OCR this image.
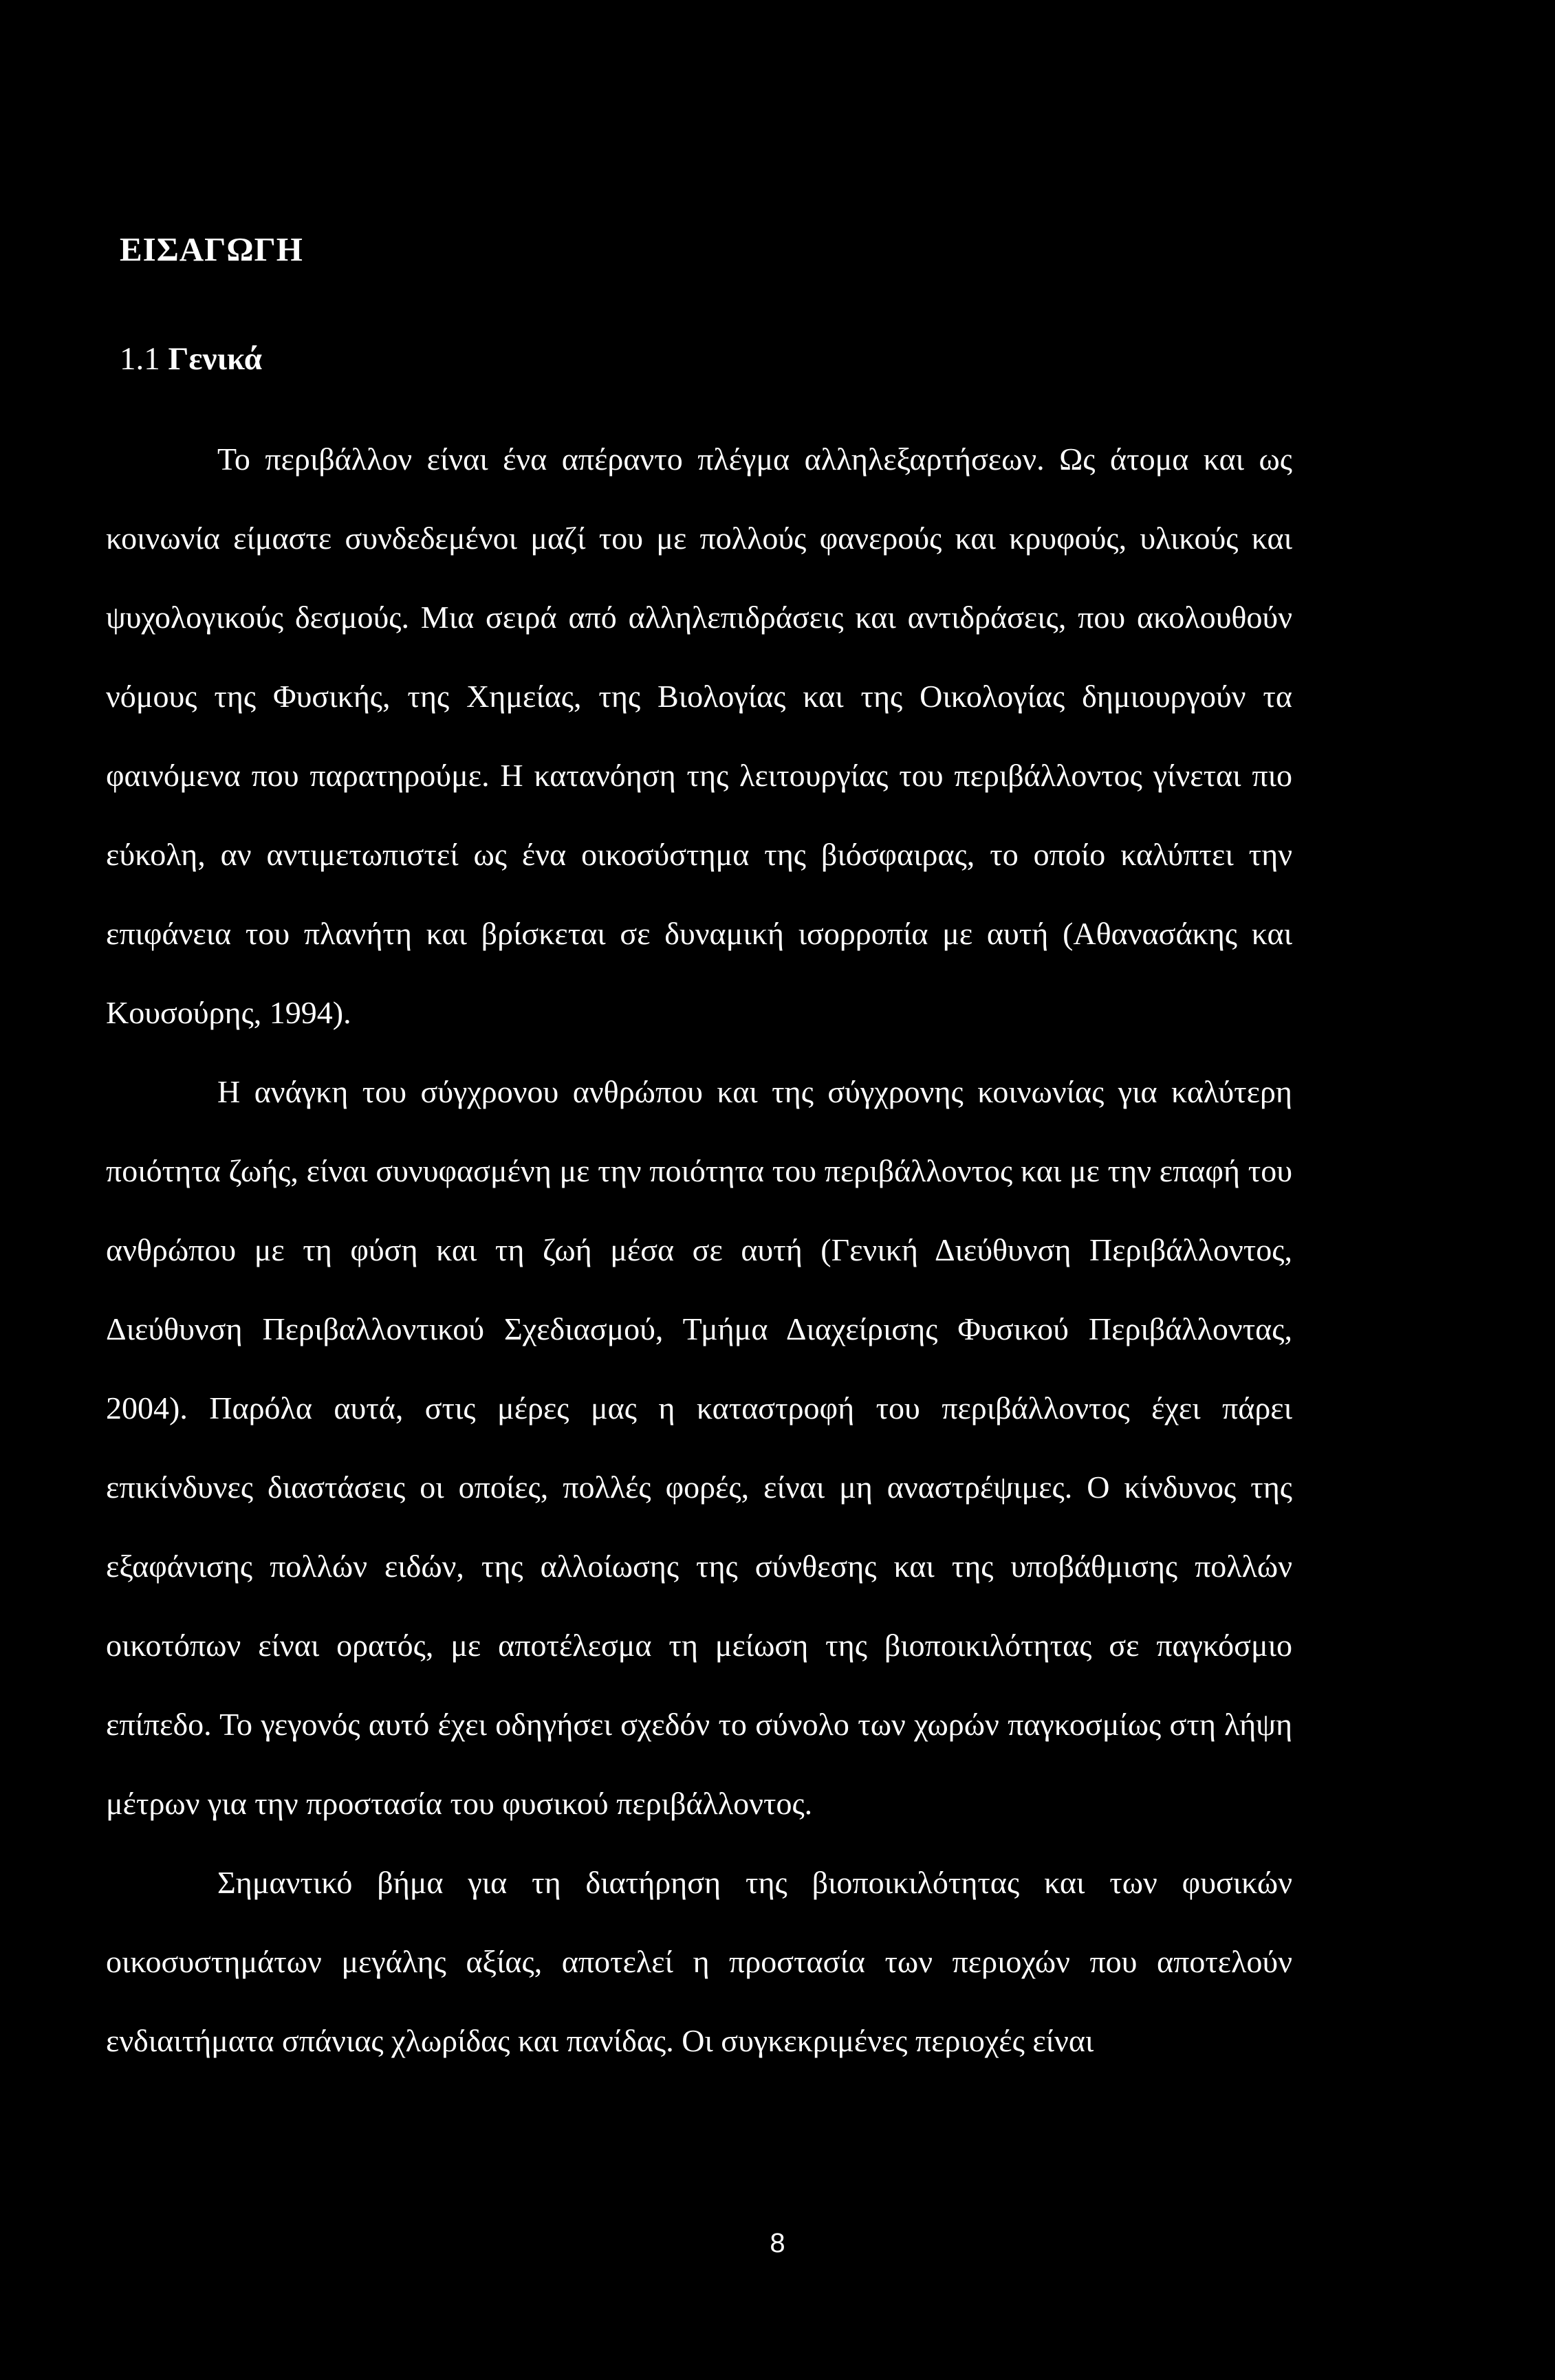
ΕΙΣΑΓΩΓΗ
1.1 Γενικά

Το περιβάλλον είναι ένα απέραντο πλέγμα αλληλεξαρτήσεων. Ως άτομα και ως κοινωνία είμαστε συνδεδεμένοι μαζί του με πολλούς φανερούς και κρυφούς, υλικούς και ψυχολογικούς δεσμούς. Μια σειρά από αλληλεπιδράσεις και αντιδράσεις, που ακολουθούν νόμους της Φυσικής, της Χημείας, της Βιολογίας και της Οικολογίας δημιουργούν τα φαινόμενα που παρατηρούμε. Η κατανόηση της λειτουργίας του περιβάλλοντος γίνεται πιο εύκολη, αν αντιμετωπιστεί ως ένα οικοσύστημα της βιόσφαιρας, το οποίο καλύπτει την επιφάνεια του πλανήτη και βρίσκεται σε δυναμική ισορροπία με αυτή (Αθανασάκης και Κουσούρης, 1994).

Η ανάγκη του σύγχρονου ανθρώπου και της σύγχρονης κοινωνίας για καλύτερη ποιότητα ζωής, είναι συνυφασμένη με την ποιότητα του περιβάλλοντος και με την επαφή του ανθρώπου με τη φύση και τη ζωή μέσα σε αυτή (Γενική Διεύθυνση Περιβάλλοντος, Διεύθυνση Περιβαλλοντικού Σχεδιασμού, Τμήμα Διαχείρισης Φυσικού Περιβάλλοντας, 2004). Παρόλα αυτά, στις μέρες μας η καταστροφή του περιβάλλοντος έχει πάρει επικίνδυνες διαστάσεις οι οποίες, πολλές φορές, είναι μη αναστρέψιμες. Ο κίνδυνος της εξαφάνισης πολλών ειδών, της αλλοίωσης της σύνθεσης και της υποβάθμισης πολλών οικοτόπων είναι ορατός, με αποτέλεσμα τη μείωση της βιοποικιλότητας σε παγκόσμιο επίπεδο. Το γεγονός αυτό έχει οδηγήσει σχεδόν το σύνολο των χωρών παγκοσμίως στη λήψη μέτρων για την προστασία του φυσικού περιβάλλοντος.

Σημαντικό βήμα για τη διατήρηση της βιοποικιλότητας και των φυσικών οικοσυστημάτων μεγάλης αξίας, αποτελεί η προστασία των περιοχών που αποτελούν ενδιαιτήματα σπάνιας χλωρίδας και πανίδας. Οι συγκεκριμένες περιοχές είναι

8
